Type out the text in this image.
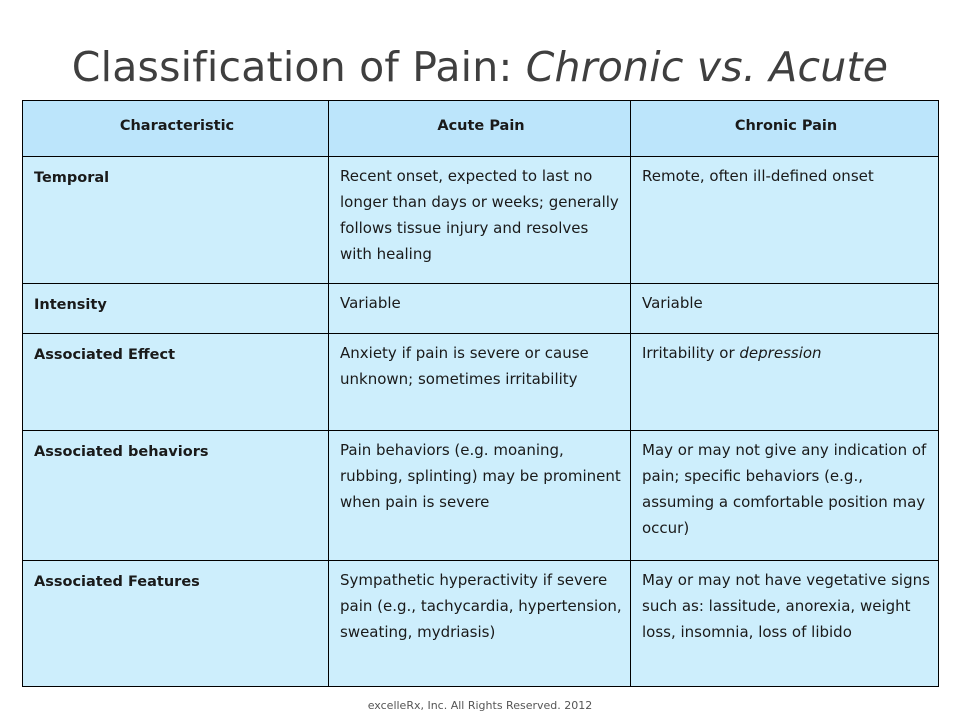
Classification of Pain: Chronic vs. Acute
Characteristic	Acute Pain	Chronic Pain
Temporal	Recent onset, expected to last no longer than days or weeks; generally follows tissue injury and resolves with healing	Remote, often ill-defined onset
Intensity	Variable	Variable
Associated Effect	Anxiety if pain is severe or cause unknown; sometimes irritability	Irritability or depression
Associated behaviors	Pain behaviors (e.g. moaning, rubbing, splinting) may be prominent when pain is severe	May or may not give any indication of pain; specific behaviors (e.g., assuming a comfortable position may occur)
Associated Features	Sympathetic hyperactivity if severe pain (e.g., tachycardia, hypertension, sweating, mydriasis)	May or may not have vegetative signs such as: lassitude, anorexia, weight loss, insomnia, loss of libido
excelleRx, Inc. All Rights Reserved. 2012
